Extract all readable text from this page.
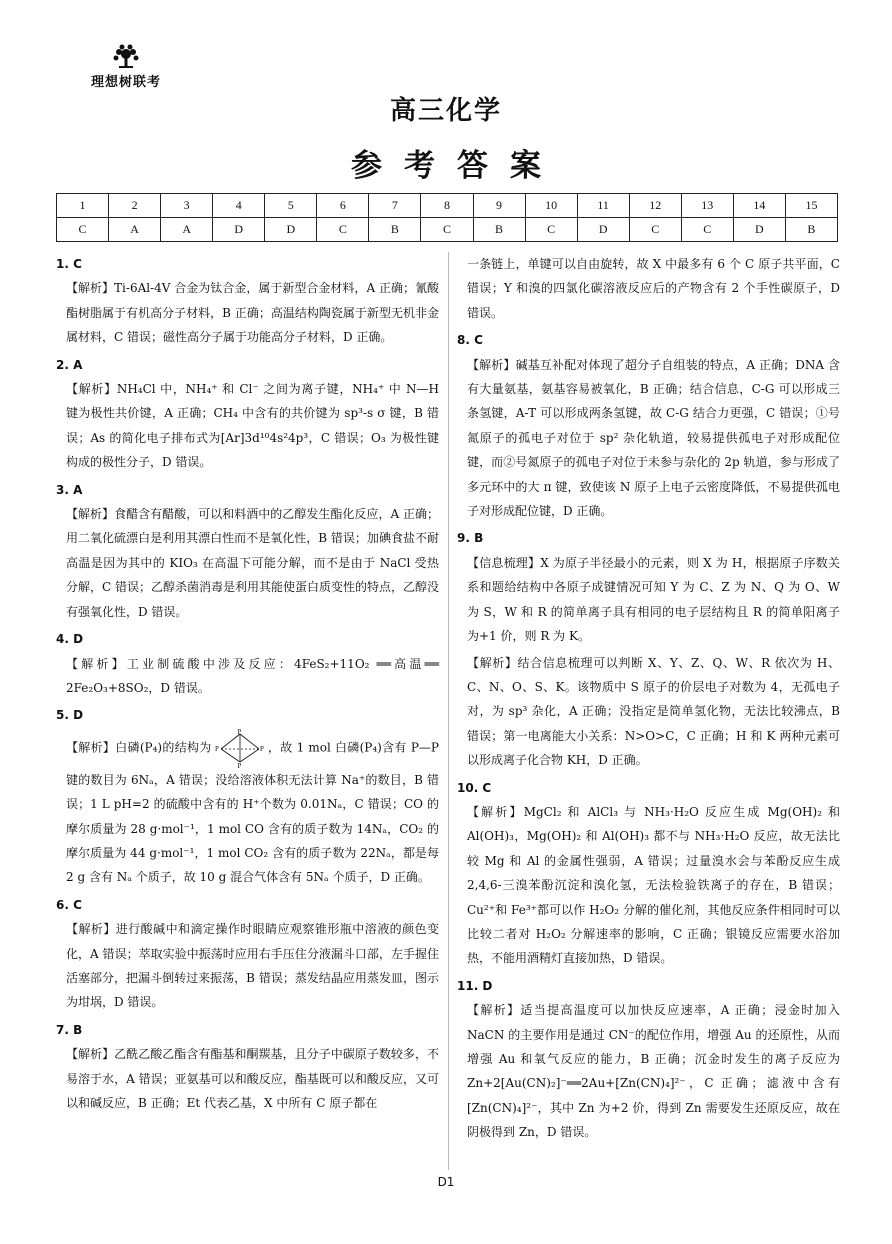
理想树联考
高三化学
参考答案
1	2	3	4	5	6	7	8	9	10	11	12	13	14	15
C	A	A	D	D	C	B	C	B	C	D	C	C	D	B
1. C
【解析】Ti-6Al-4V 合金为钛合金，属于新型合金材料，A 正确；氰酸酯树脂属于有机高分子材料，B 正确；高温结构陶瓷属于新型无机非金属材料，C 错误；磁性高分子属于功能高分子材料，D 正确。
2. A
【解析】NH₄Cl 中，NH₄⁺ 和 Cl⁻ 之间为离子键，NH₄⁺ 中 N—H 键为极性共价键，A 正确；CH₄ 中含有的共价键为 sp³-s σ 键，B 错误；As 的简化电子排布式为[Ar]3d¹⁰4s²4p³，C 错误；O₃ 为极性键构成的极性分子，D 错误。
3. A
【解析】食醋含有醋酸，可以和料酒中的乙醇发生酯化反应，A 正确；用二氧化硫漂白是利用其漂白性而不是氧化性，B 错误；加碘食盐不耐高温是因为其中的 KIO₃ 在高温下可能分解，而不是由于 NaCl 受热分解，C 错误；乙醇杀菌消毒是利用其能使蛋白质变性的特点，乙醇没有强氧化性，D 错误。
4. D
【解析】工业制硫酸中涉及反应：4FeS₂+11O₂ ══高温══ 2Fe₂O₃+8SO₂，D 错误。
5. D
【解析】白磷(P₄)的结构为
P
P	P
P
，故 1 mol 白磷(P₄)含有 P—P 键的数目为 6Nₐ，A 错误；没给溶液体积无法计算 Na⁺的数目，B 错误；1 L pH=2 的硫酸中含有的 H⁺个数为 0.01Nₐ，C 错误；CO 的摩尔质量为 28 g·mol⁻¹，1 mol CO 含有的质子数为 14Nₐ，CO₂ 的摩尔质量为 44 g·mol⁻¹，1 mol CO₂ 含有的质子数为 22Nₐ，都是每 2 g 含有 Nₐ 个质子，故 10 g 混合气体含有 5Nₐ 个质子，D 正确。
6. C
【解析】进行酸碱中和滴定操作时眼睛应观察锥形瓶中溶液的颜色变化，A 错误；萃取实验中振荡时应用右手压住分液漏斗口部，左手握住活塞部分，把漏斗倒转过来振荡，B 错误；蒸发结晶应用蒸发皿，图示为坩埚，D 错误。
7. B
【解析】乙酰乙酸乙酯含有酯基和酮羰基，且分子中碳原子数较多，不易溶于水，A 错误；亚氨基可以和酸反应，酯基既可以和酸反应，又可以和碱反应，B 正确；Et 代表乙基，X 中所有 C 原子都在
一条链上，单键可以自由旋转，故 X 中最多有 6 个 C 原子共平面，C 错误；Y 和溴的四氯化碳溶液反应后的产物含有 2 个手性碳原子，D 错误。
8. C
【解析】碱基互补配对体现了超分子自组装的特点，A 正确；DNA 含有大量氨基，氨基容易被氧化，B 正确；结合信息，C-G 可以形成三条氢键，A-T 可以形成两条氢键，故 C-G 结合力更强，C 错误；①号氮原子的孤电子对位于 sp² 杂化轨道，较易提供孤电子对形成配位键，而②号氮原子的孤电子对位于未参与杂化的 2p 轨道，参与形成了多元环中的大 π 键，致使该 N 原子上电子云密度降低，不易提供孤电子对形成配位键，D 正确。
9. B
【信息梳理】X 为原子半径最小的元素，则 X 为 H，根据原子序数关系和题给结构中各原子成键情况可知 Y 为 C、Z 为 N、Q 为 O、W 为 S，W 和 R 的简单离子具有相同的电子层结构且 R 的简单阳离子为+1 价，则 R 为 K。
【解析】结合信息梳理可以判断 X、Y、Z、Q、W、R 依次为 H、C、N、O、S、K。该物质中 S 原子的价层电子对数为 4，无孤电子对，为 sp³ 杂化，A 正确；没指定是简单氢化物，无法比较沸点，B 错误；第一电离能大小关系：N>O>C，C 正确；H 和 K 两种元素可以形成离子化合物 KH，D 正确。
10. C
【解析】MgCl₂ 和 AlCl₃ 与 NH₃·H₂O 反应生成 Mg(OH)₂ 和 Al(OH)₃，Mg(OH)₂ 和 Al(OH)₃ 都不与 NH₃·H₂O 反应，故无法比较 Mg 和 Al 的金属性强弱，A 错误；过量溴水会与苯酚反应生成 2,4,6-三溴苯酚沉淀和溴化氢，无法检验铁离子的存在，B 错误；Cu²⁺和 Fe³⁺都可以作 H₂O₂ 分解的催化剂，其他反应条件相同时可以比较二者对 H₂O₂ 分解速率的影响，C 正确；银镜反应需要水浴加热，不能用酒精灯直接加热，D 错误。
11. D
【解析】适当提高温度可以加快反应速率，A 正确；浸金时加入 NaCN 的主要作用是通过 CN⁻的配位作用，增强 Au 的还原性，从而增强 Au 和氧气反应的能力，B 正确；沉金时发生的离子反应为 Zn+2[Au(CN)₂]⁻══2Au+[Zn(CN)₄]²⁻，C 正确；滤液中含有[Zn(CN)₄]²⁻，其中 Zn 为+2 价，得到 Zn 需要发生还原反应，故在阴极得到 Zn，D 错误。
D1
